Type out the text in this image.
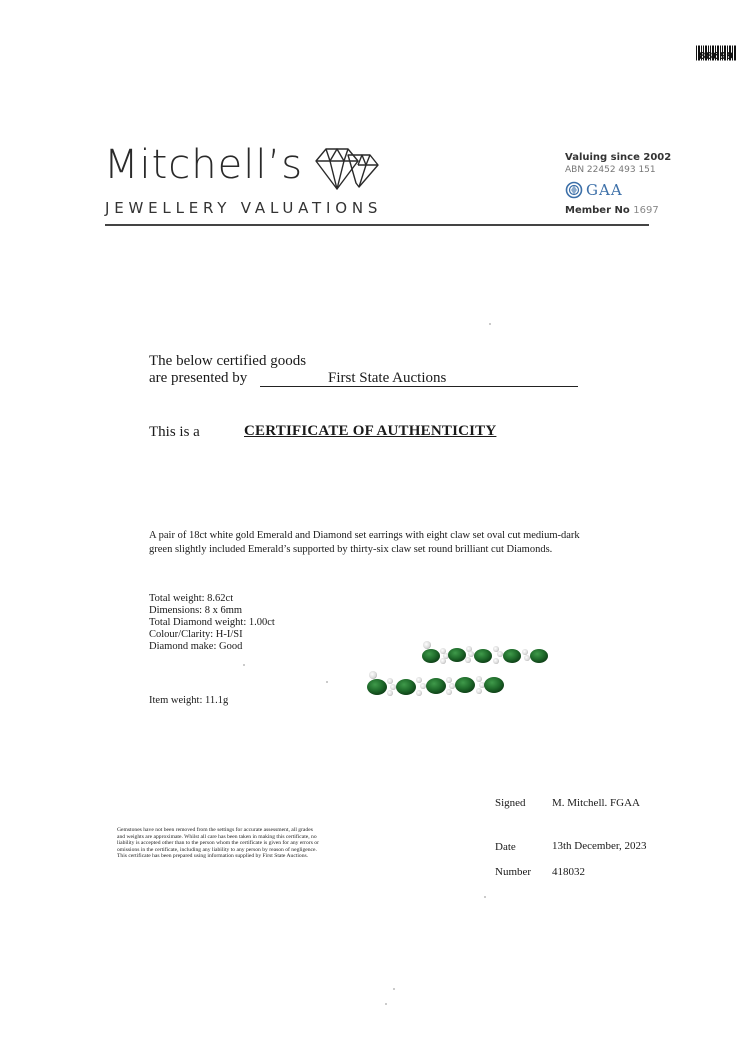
88699
Mitchell’s
JEWELLERY VALUATIONS
Valuing since 2002
ABN 22452 493 151
GAA
Member No 1697
The below certified goods
are presented by	First State Auctions
This is a	CERTIFICATE OF AUTHENTICITY
A pair of 18ct white gold Emerald and Diamond set earrings with eight claw set oval cut medium-dark green slightly included Emerald’s supported by thirty-six claw set round brilliant cut Diamonds.
Total weight: 8.62ct
Dimensions: 8 x 6mm
Total Diamond weight: 1.00ct
Colour/Clarity: H-I/SI
Diamond make: Good
Item weight: 11.1g
Signed M. Mitchell. FGAA
Date	13th December, 2023
Number 418032
Gemstones have not been removed from the settings for accurate assessment, all grades and weights are approximate. Whilst all care has been taken in making this certificate, no liability is accepted other than to the person whom the certificate is given for any errors or omissions in the certificate, including any liability to any person by reason of negligence. This certificate has been prepared using information supplied by First State Auctions.
